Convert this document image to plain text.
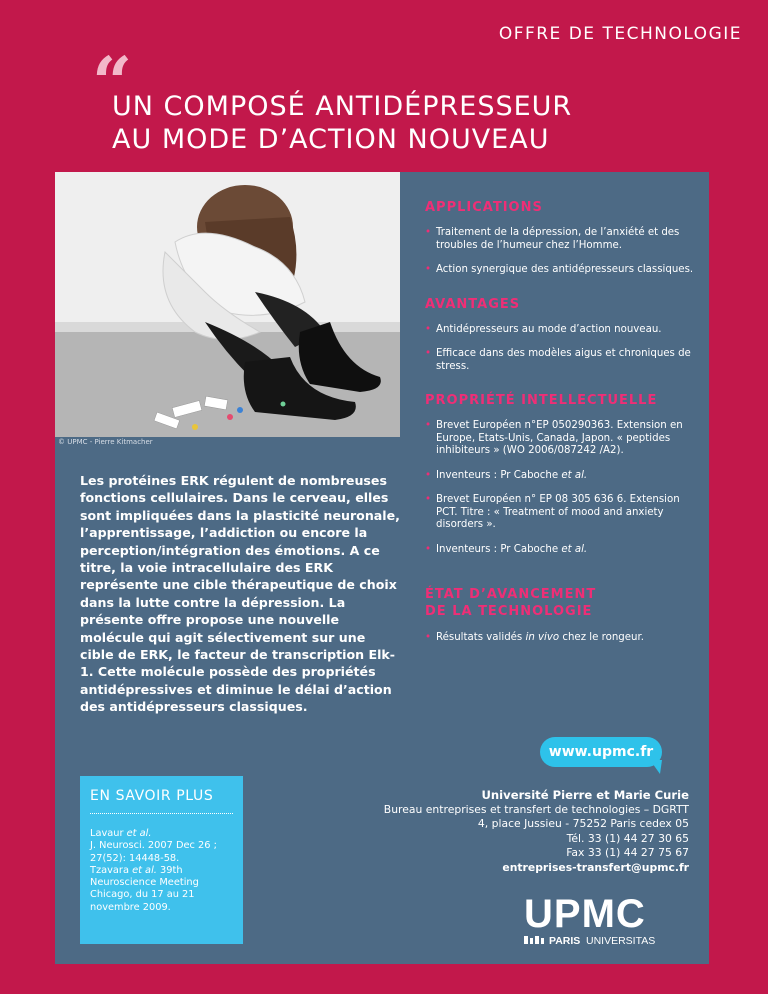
OFFRE DE TECHNOLOGIE
“
UN COMPOSÉ ANTIDÉPRESSEUR
AU MODE D’ACTION NOUVEAU
© UPMC - Pierre Kitmacher

Les protéines ERK régulent de nombreuses fonctions cellulaires. Dans le cerveau, elles sont impliquées dans la plasticité neuronale, l’apprentissage, l’addiction ou encore la perception/intégration des émotions. A ce titre, la voie intracellulaire des ERK représente une cible thérapeutique de choix dans la lutte contre la dépression. La présente offre propose une nouvelle molécule qui agit sélectivement sur une cible de ERK, le facteur de transcription Elk-1. Cette molécule possède des propriétés antidépressives et diminue le délai d’action des antidépresseurs classiques.

APPLICATIONS
• Traitement de la dépression, de l’anxiété et des troubles de l’humeur chez l’Homme.
• Action synergique des antidépresseurs classiques.
AVANTAGES
• Antidépresseurs au mode d’action nouveau.
• Efficace dans des modèles aigus et chroniques de stress.
PROPRIÉTÉ INTELLECTUELLE
• Brevet Européen n°EP 050290363. Extension en Europe, Etats-Unis, Canada, Japon. « peptides inhibiteurs » (WO 2006/087242 /A2).
• Inventeurs : Pr Caboche et al.
• Brevet Européen n° EP 08 305 636 6. Extension PCT. Titre : « Treatment of mood and anxiety disorders ».
• Inventeurs : Pr Caboche et al.
ÉTAT D’AVANCEMENT
DE LA TECHNOLOGIE
• Résultats validés in vivo chez le rongeur.
www.upmc.fr
EN SAVOIR PLUS
Lavaur et al.
J. Neurosci. 2007 Dec 26 ; 27(52): 14448-58.
Tzavara et al. 39th Neuroscience Meeting Chicago, du 17 au 21 novembre 2009.
Université Pierre et Marie Curie
Bureau entreprises et transfert de technologies – DGRTT
4, place Jussieu - 75252 Paris cedex 05
Tél. 33 (1) 44 27 30 65
Fax 33 (1) 44 27 75 67
entreprises-transfert@upmc.fr
UPMC
PARIS UNIVERSITAS
